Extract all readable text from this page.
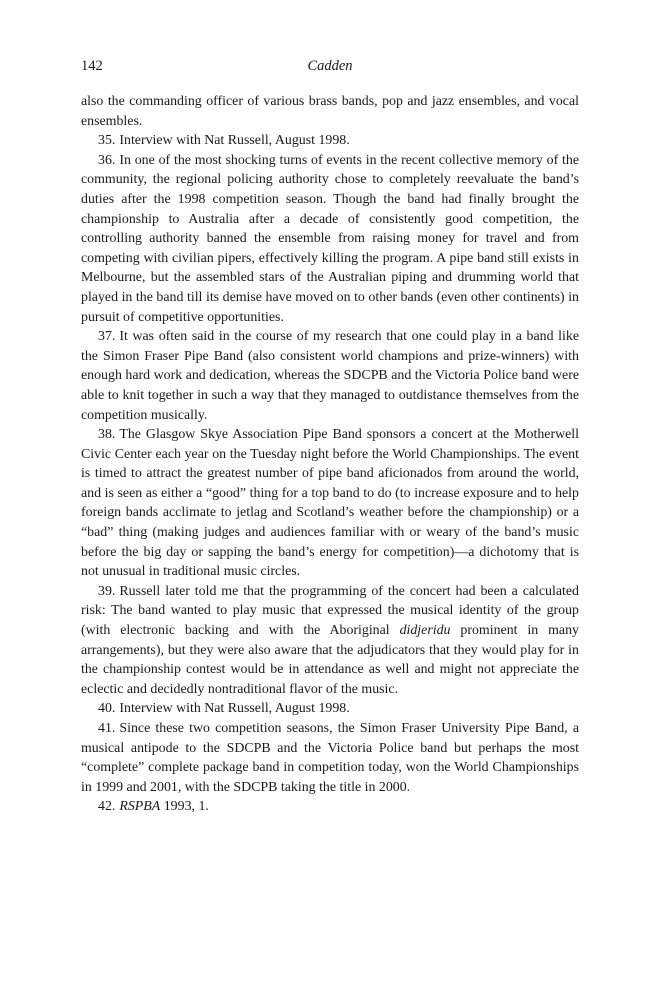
142	Cadden

also the commanding officer of various brass bands, pop and jazz ensembles, and vocal ensembles.

35. Interview with Nat Russell, August 1998.

36. In one of the most shocking turns of events in the recent collective memory of the community, the regional policing authority chose to completely reevaluate the band’s duties after the 1998 competition season. Though the band had finally brought the championship to Australia after a decade of consistently good competition, the controlling authority banned the ensemble from raising money for travel and from competing with civilian pipers, effectively killing the program. A pipe band still exists in Melbourne, but the assembled stars of the Australian piping and drumming world that played in the band till its demise have moved on to other bands (even other continents) in pursuit of competitive opportunities.

37. It was often said in the course of my research that one could play in a band like the Simon Fraser Pipe Band (also consistent world champions and prize-winners) with enough hard work and dedication, whereas the SDCPB and the Victoria Police band were able to knit together in such a way that they managed to outdistance themselves from the competition musically.

38. The Glasgow Skye Association Pipe Band sponsors a concert at the Motherwell Civic Center each year on the Tuesday night before the World Championships. The event is timed to attract the greatest number of pipe band aficionados from around the world, and is seen as either a “good” thing for a top band to do (to increase exposure and to help foreign bands acclimate to jetlag and Scotland’s weather before the championship) or a “bad” thing (making judges and audiences familiar with or weary of the band’s music before the big day or sapping the band’s energy for competition)—a dichotomy that is not unusual in traditional music circles.

39. Russell later told me that the programming of the concert had been a calculated risk: The band wanted to play music that expressed the musical identity of the group (with electronic backing and with the Aboriginal didjeridu prominent in many arrangements), but they were also aware that the adjudicators that they would play for in the championship contest would be in attendance as well and might not appreciate the eclectic and decidedly nontraditional flavor of the music.

40. Interview with Nat Russell, August 1998.

41. Since these two competition seasons, the Simon Fraser University Pipe Band, a musical antipode to the SDCPB and the Victoria Police band but perhaps the most “complete” complete package band in competition today, won the World Championships in 1999 and 2001, with the SDCPB taking the title in 2000.

42. RSPBA 1993, 1.
